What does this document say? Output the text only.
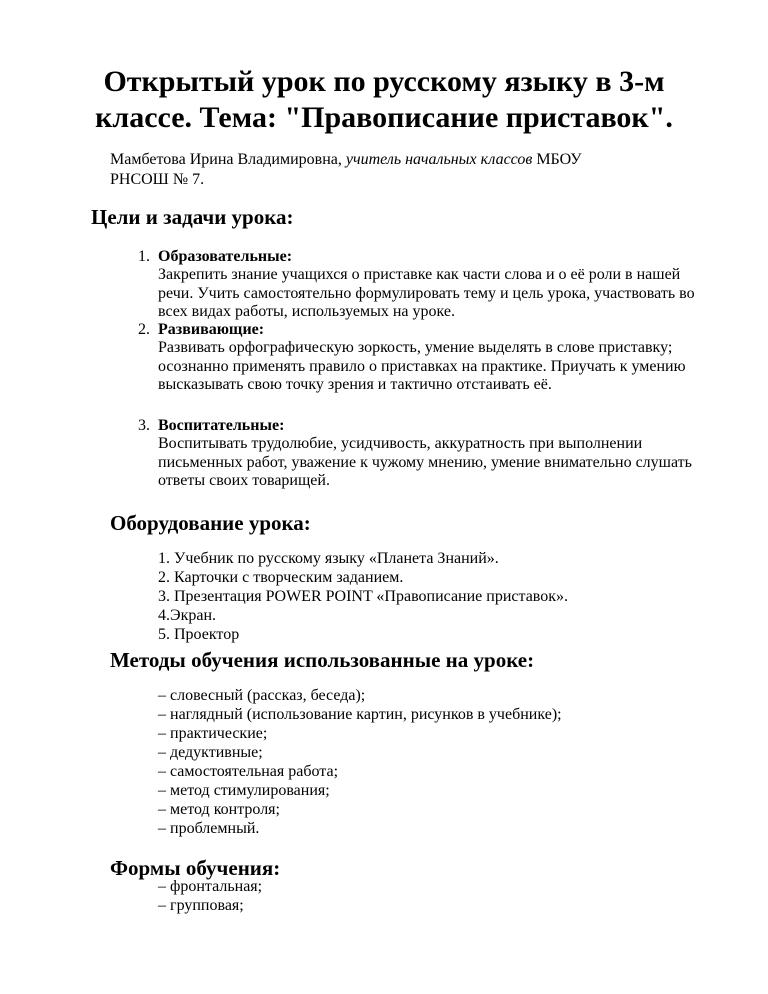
Открытый урок по русскому языку в 3-м
классе. Тема: "Правописание приставок".
Мамбетова Ирина Владимировна, учитель начальных классов МБОУ
РНСОШ № 7.
Цели и задачи урока:
1. Образовательные:
Закрепить знание учащихся о приставке как части слова и о её роли в нашей речи. Учить самостоятельно формулировать тему и цель урока, участвовать во всех видах работы, используемых на уроке.
2. Развивающие:
Развивать орфографическую зоркость, умение выделять в слове приставку; осознанно применять правило о приставках на практике. Приучать к умению высказывать свою точку зрения и тактично отстаивать её.
3. Воспитательные:
Воспитывать трудолюбие, усидчивость, аккуратность при выполнении письменных работ, уважение к чужому мнению, умение внимательно слушать ответы своих товарищей.
Оборудование урока:
1. Учебник по русскому языку «Планета Знаний».
2. Карточки с творческим заданием.
3. Презентация POWER POINT «Правописание приставок».
4.Экран.
5. Проектор
Методы обучения использованные на уроке:
– словесный (рассказ, беседа);
– наглядный (использование картин, рисунков в учебнике);
– практические;
– дедуктивные;
– самостоятельная работа;
– метод стимулирования;
– метод контроля;
– проблемный.
Формы обучения:
– фронтальная;
– групповая;
